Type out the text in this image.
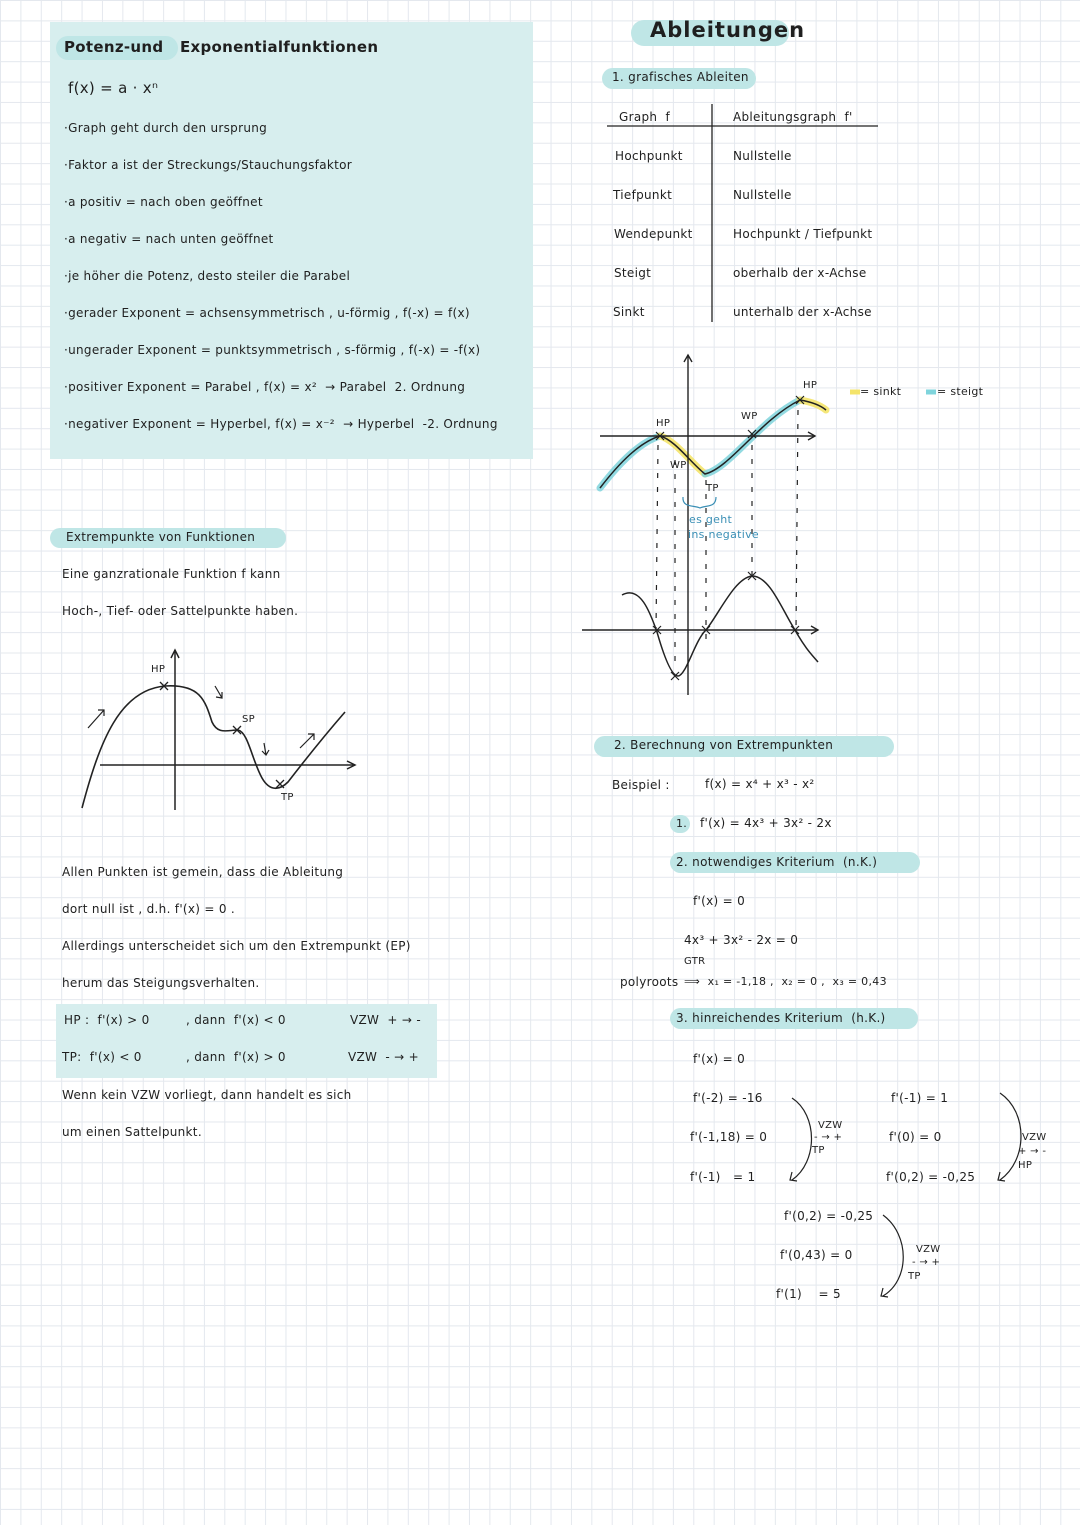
Potenz-und   Exponentialfunktionen
f(x) = a · xⁿ
·Graph geht durch den ursprung
·Faktor a ist der Streckungs/Stauchungsfaktor
·a positiv = nach oben geöffnet
·a negativ = nach unten geöffnet
·je höher die Potenz, desto steiler die Parabel
·gerader Exponent = achsensymmetrisch , u-förmig , f(-x) = f(x)
·ungerader Exponent = punktsymmetrisch , s-förmig , f(-x) = -f(x)
·positiver Exponent = Parabel , f(x) = x²  → Parabel  2. Ordnung
·negativer Exponent = Hyperbel, f(x) = x⁻²  → Hyperbel  -2. Ordnung
Extrempunkte von Funktionen
Eine ganzrationale Funktion f kann
Hoch-, Tief- oder Sattelpunkte haben.
HP
SP
TP
Allen Punkten ist gemein, dass die Ableitung
dort null ist , d.h. f'(x) = 0 .
Allerdings unterscheidet sich um den Extrempunkt (EP)
herum das Steigungsverhalten.
HP :  f'(x) > 0	, dann  f'(x) < 0	VZW  + → -
TP:  f'(x) < 0	, dann  f'(x) > 0	VZW  - → +
Wenn kein VZW vorliegt, dann handelt es sich
um einen Sattelpunkt.
Ableitungen
1. grafisches Ableiten
Graph  f	Ableitungsgraph  f'
Hochpunkt	Nullstelle
Tiefpunkt	Nullstelle
Wendepunkt	Hochpunkt / Tiefpunkt
Steigt	oberhalb der x-Achse
Sinkt	unterhalb der x-Achse
HP
HP
WP
WP
TP
es geht
ins negative
= sinkt	= steigt
2. Berechnung von Extrempunkten
Beispiel :	f(x) = x⁴ + x³ - x²
1. f'(x) = 4x³ + 3x² - 2x
2. notwendiges Kriterium  (n.K.)
f'(x) = 0
4x³ + 3x² - 2x = 0
GTR
polyroots ⟹  x₁ = -1,18 ,  x₂ = 0 ,  x₃ = 0,43
3. hinreichendes Kriterium  (h.K.)
f'(x) = 0
f'(-2) = -16
f'(-1,18) = 0
f'(-1)   = 1
VZW
- → +
TP
f'(-1) = 1
f'(0) = 0
f'(0,2) = -0,25
VZW
+ → -
HP
f'(0,2) = -0,25
f'(0,43) = 0
f'(1)    = 5
VZW
- → +
TP
